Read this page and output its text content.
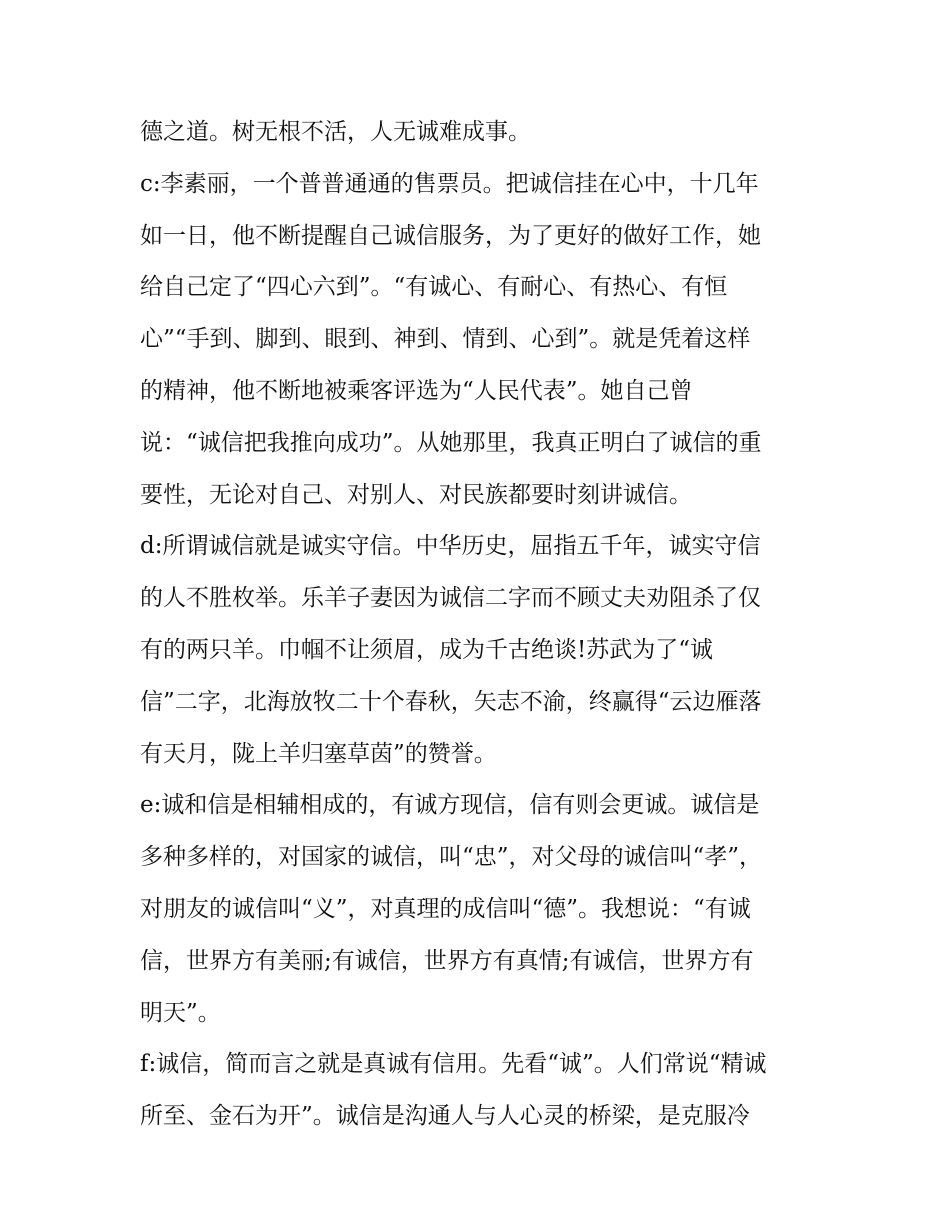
德之道。树无根不活，人无诚难成事。
c:李素丽，一个普普通通的售票员。把诚信挂在心中，十几年
如一日，他不断提醒自己诚信服务，为了更好的做好工作，她
给自己定了“四心六到”。“有诚心、有耐心、有热心、有恒
心”“手到、脚到、眼到、神到、情到、心到”。就是凭着这样
的精神，他不断地被乘客评选为“人民代表”。她自己曾
说：“诚信把我推向成功”。从她那里，我真正明白了诚信的重
要性，无论对自己、对别人、对民族都要时刻讲诚信。
d:所谓诚信就是诚实守信。中华历史，屈指五千年，诚实守信
的人不胜枚举。乐羊子妻因为诚信二字而不顾丈夫劝阻杀了仅
有的两只羊。巾帼不让须眉，成为千古绝谈!苏武为了“诚
信”二字，北海放牧二十个春秋，矢志不渝，终赢得“云边雁落
有天月，陇上羊归塞草茵”的赞誉。
e:诚和信是相辅相成的，有诚方现信，信有则会更诚。诚信是
多种多样的，对国家的诚信，叫“忠”，对父母的诚信叫“孝”，
对朋友的诚信叫“义”，对真理的成信叫“德”。我想说：“有诚
信，世界方有美丽;有诚信，世界方有真情;有诚信，世界方有
明天”。
f:诚信，简而言之就是真诚有信用。先看“诚”。人们常说“精诚
所至、金石为开”。诚信是沟通人与人心灵的桥梁，是克服冷
